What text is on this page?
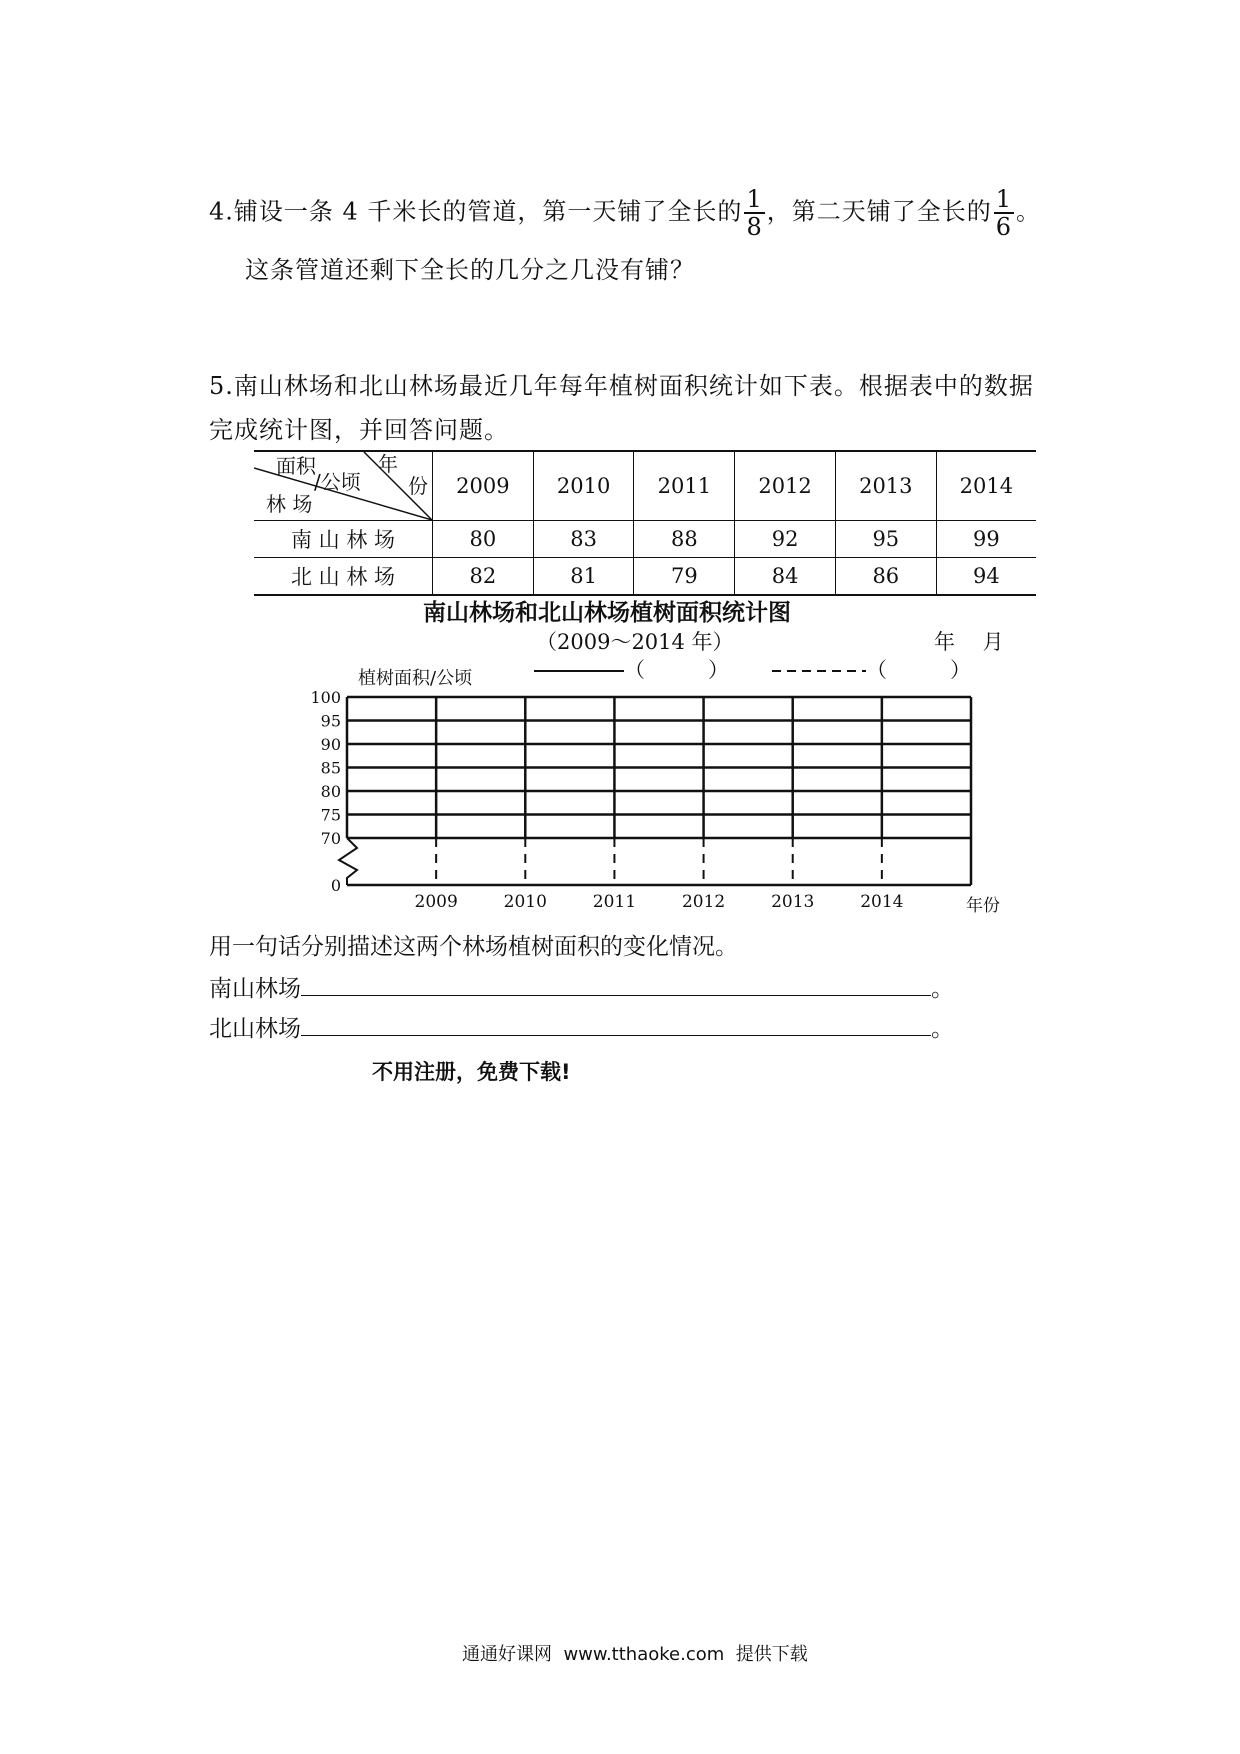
4.铺设一条 4 千米长的管道，第一天铺了全长的 $\frac{1}{8}$ ，第二天铺了全长的 $\frac{1}{6}$ 。
这条管道还剩下全长的几分之几没有铺？
5.南山林场和北山林场最近几年每年植树面积统计如下表。根据表中的数据
完成统计图，并回答问题。
面积
/公顷
年
份
林 场	2009	2010	2011	2012	2013	2014
南 山 林 场	80	83	88	92	95	99
北 山 林 场	82	81	79	84	86	94
南山林场和北山林场植树面积统计图
（2009～2014 年）	年　 月
植树面积/公顷	（　　　）	（　　　）
0
70
75
80
85
90
95
100
2009	2010	2011	2012	2013	2014	年份
用一句话分别描述这两个林场植树面积的变化情况。
南山林场	。
北山林场	。
不用注册，免费下载!
通通好课网  www.tthaoke.com  提供下载
